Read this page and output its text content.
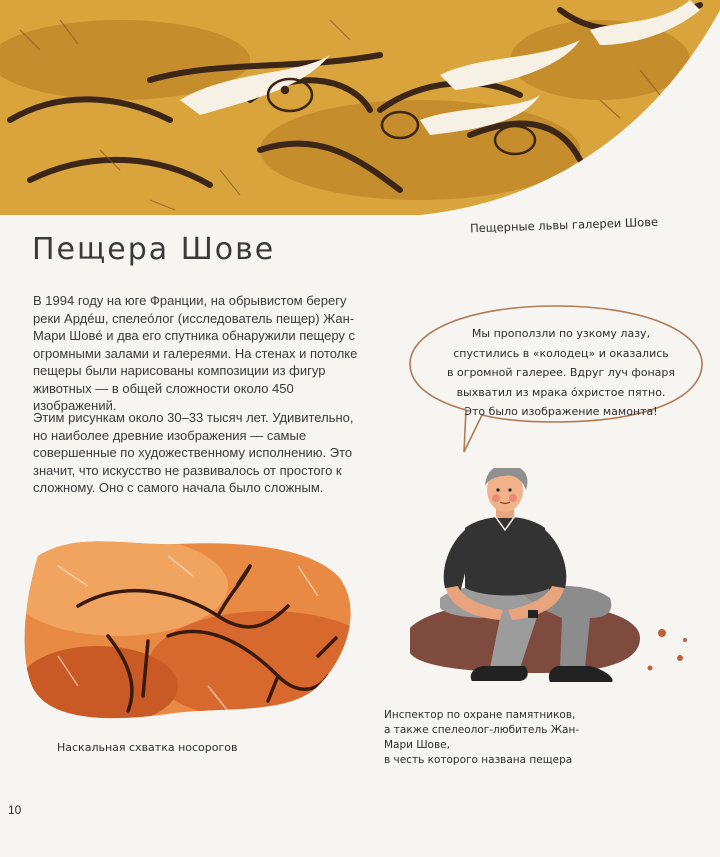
Пещерные львы галереи Шове
Пещера Шове

В 1994 году на юге Франции, на обрывистом берегу реки Ардéш, спелеóлог (исследователь пещер) Жан-Мари Шовé и два его спутника обнаружили пещеру с огромными залами и галереями. На стенах и потолке пещеры были нарисованы композиции из фигур животных — в общей сложности около 450 изображений.

Этим рисункам около 30–33 тысяч лет. Удивительно, но наиболее древние изображения — самые совершенные по художественному исполнению. Это значит, что искусство не развивалось от простого к сложному. Оно с самого начала было сложным.

Мы проползли по узкому лазу,
спустились в «колодец» и оказались
в огромной галерее. Вдруг луч фонаря
выхватил из мрака óхристое пятно.
Это было изображение мамонта!
Наскальная схватка носорогов
Инспектор по охране памятников,
а также спелеолог-любитель Жан-Мари Шове,
в честь которого названа пещера
10
